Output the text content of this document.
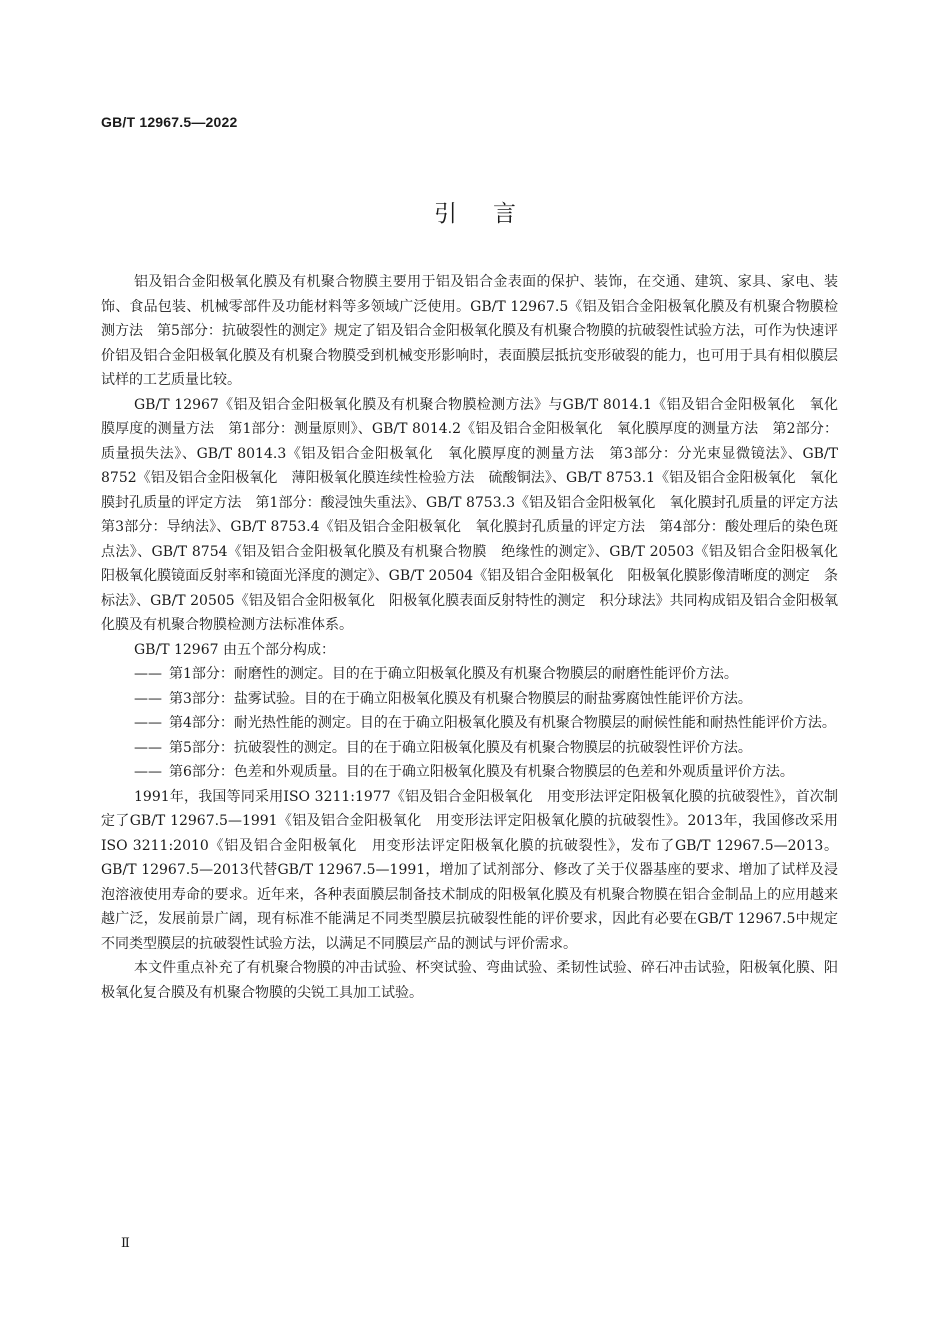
GB/T 12967.5—2022
引言

铝及铝合金阳极氧化膜及有机聚合物膜主要用于铝及铝合金表面的保护、装饰，在交通、建筑、家具、家电、装饰、食品包装、机械零部件及功能材料等多领域广泛使用。GB/T 12967.5《铝及铝合金阳极氧化膜及有机聚合物膜检测方法　第5部分：抗破裂性的测定》规定了铝及铝合金阳极氧化膜及有机聚合物膜的抗破裂性试验方法，可作为快速评价铝及铝合金阳极氧化膜及有机聚合物膜受到机械变形影响时，表面膜层抵抗变形破裂的能力，也可用于具有相似膜层试样的工艺质量比较。

GB/T 12967《铝及铝合金阳极氧化膜及有机聚合物膜检测方法》与GB/T 8014.1《铝及铝合金阳极氧化　氧化膜厚度的测量方法　第1部分：测量原则》、GB/T 8014.2《铝及铝合金阳极氧化　氧化膜厚度的测量方法　第2部分：质量损失法》、GB/T 8014.3《铝及铝合金阳极氧化　氧化膜厚度的测量方法　第3部分：分光束显微镜法》、GB/T 8752《铝及铝合金阳极氧化　薄阳极氧化膜连续性检验方法　硫酸铜法》、GB/T 8753.1《铝及铝合金阳极氧化　氧化膜封孔质量的评定方法　第1部分：酸浸蚀失重法》、GB/T 8753.3《铝及铝合金阳极氧化　氧化膜封孔质量的评定方法　第3部分：导纳法》、GB/T 8753.4《铝及铝合金阳极氧化　氧化膜封孔质量的评定方法　第4部分：酸处理后的染色斑点法》、GB/T 8754《铝及铝合金阳极氧化膜及有机聚合物膜　绝缘性的测定》、GB/T 20503《铝及铝合金阳极氧化　阳极氧化膜镜面反射率和镜面光泽度的测定》、GB/T 20504《铝及铝合金阳极氧化　阳极氧化膜影像清晰度的测定　条标法》、GB/T 20505《铝及铝合金阳极氧化　阳极氧化膜表面反射特性的测定　积分球法》共同构成铝及铝合金阳极氧化膜及有机聚合物膜检测方法标准体系。

GB/T 12967 由五个部分构成：

—— 第1部分：耐磨性的测定。目的在于确立阳极氧化膜及有机聚合物膜层的耐磨性能评价方法。

—— 第3部分：盐雾试验。目的在于确立阳极氧化膜及有机聚合物膜层的耐盐雾腐蚀性能评价方法。

—— 第4部分：耐光热性能的测定。目的在于确立阳极氧化膜及有机聚合物膜层的耐候性能和耐热性能评价方法。

—— 第5部分：抗破裂性的测定。目的在于确立阳极氧化膜及有机聚合物膜层的抗破裂性评价方法。

—— 第6部分：色差和外观质量。目的在于确立阳极氧化膜及有机聚合物膜层的色差和外观质量评价方法。

1991年，我国等同采用ISO 3211:1977《铝及铝合金阳极氧化　用变形法评定阳极氧化膜的抗破裂性》，首次制定了GB/T 12967.5—1991《铝及铝合金阳极氧化　用变形法评定阳极氧化膜的抗破裂性》。2013年，我国修改采用ISO 3211:2010《铝及铝合金阳极氧化　用变形法评定阳极氧化膜的抗破裂性》，发布了GB/T 12967.5—2013。GB/T 12967.5—2013代替GB/T 12967.5—1991，增加了试剂部分、修改了关于仪器基座的要求、增加了试样及浸泡溶液使用寿命的要求。近年来，各种表面膜层制备技术制成的阳极氧化膜及有机聚合物膜在铝合金制品上的应用越来越广泛，发展前景广阔，现有标准不能满足不同类型膜层抗破裂性能的评价要求，因此有必要在GB/T 12967.5中规定不同类型膜层的抗破裂性试验方法，以满足不同膜层产品的测试与评价需求。

本文件重点补充了有机聚合物膜的冲击试验、杯突试验、弯曲试验、柔韧性试验、碎石冲击试验，阳极氧化膜、阳极氧化复合膜及有机聚合物膜的尖锐工具加工试验。

Ⅱ
